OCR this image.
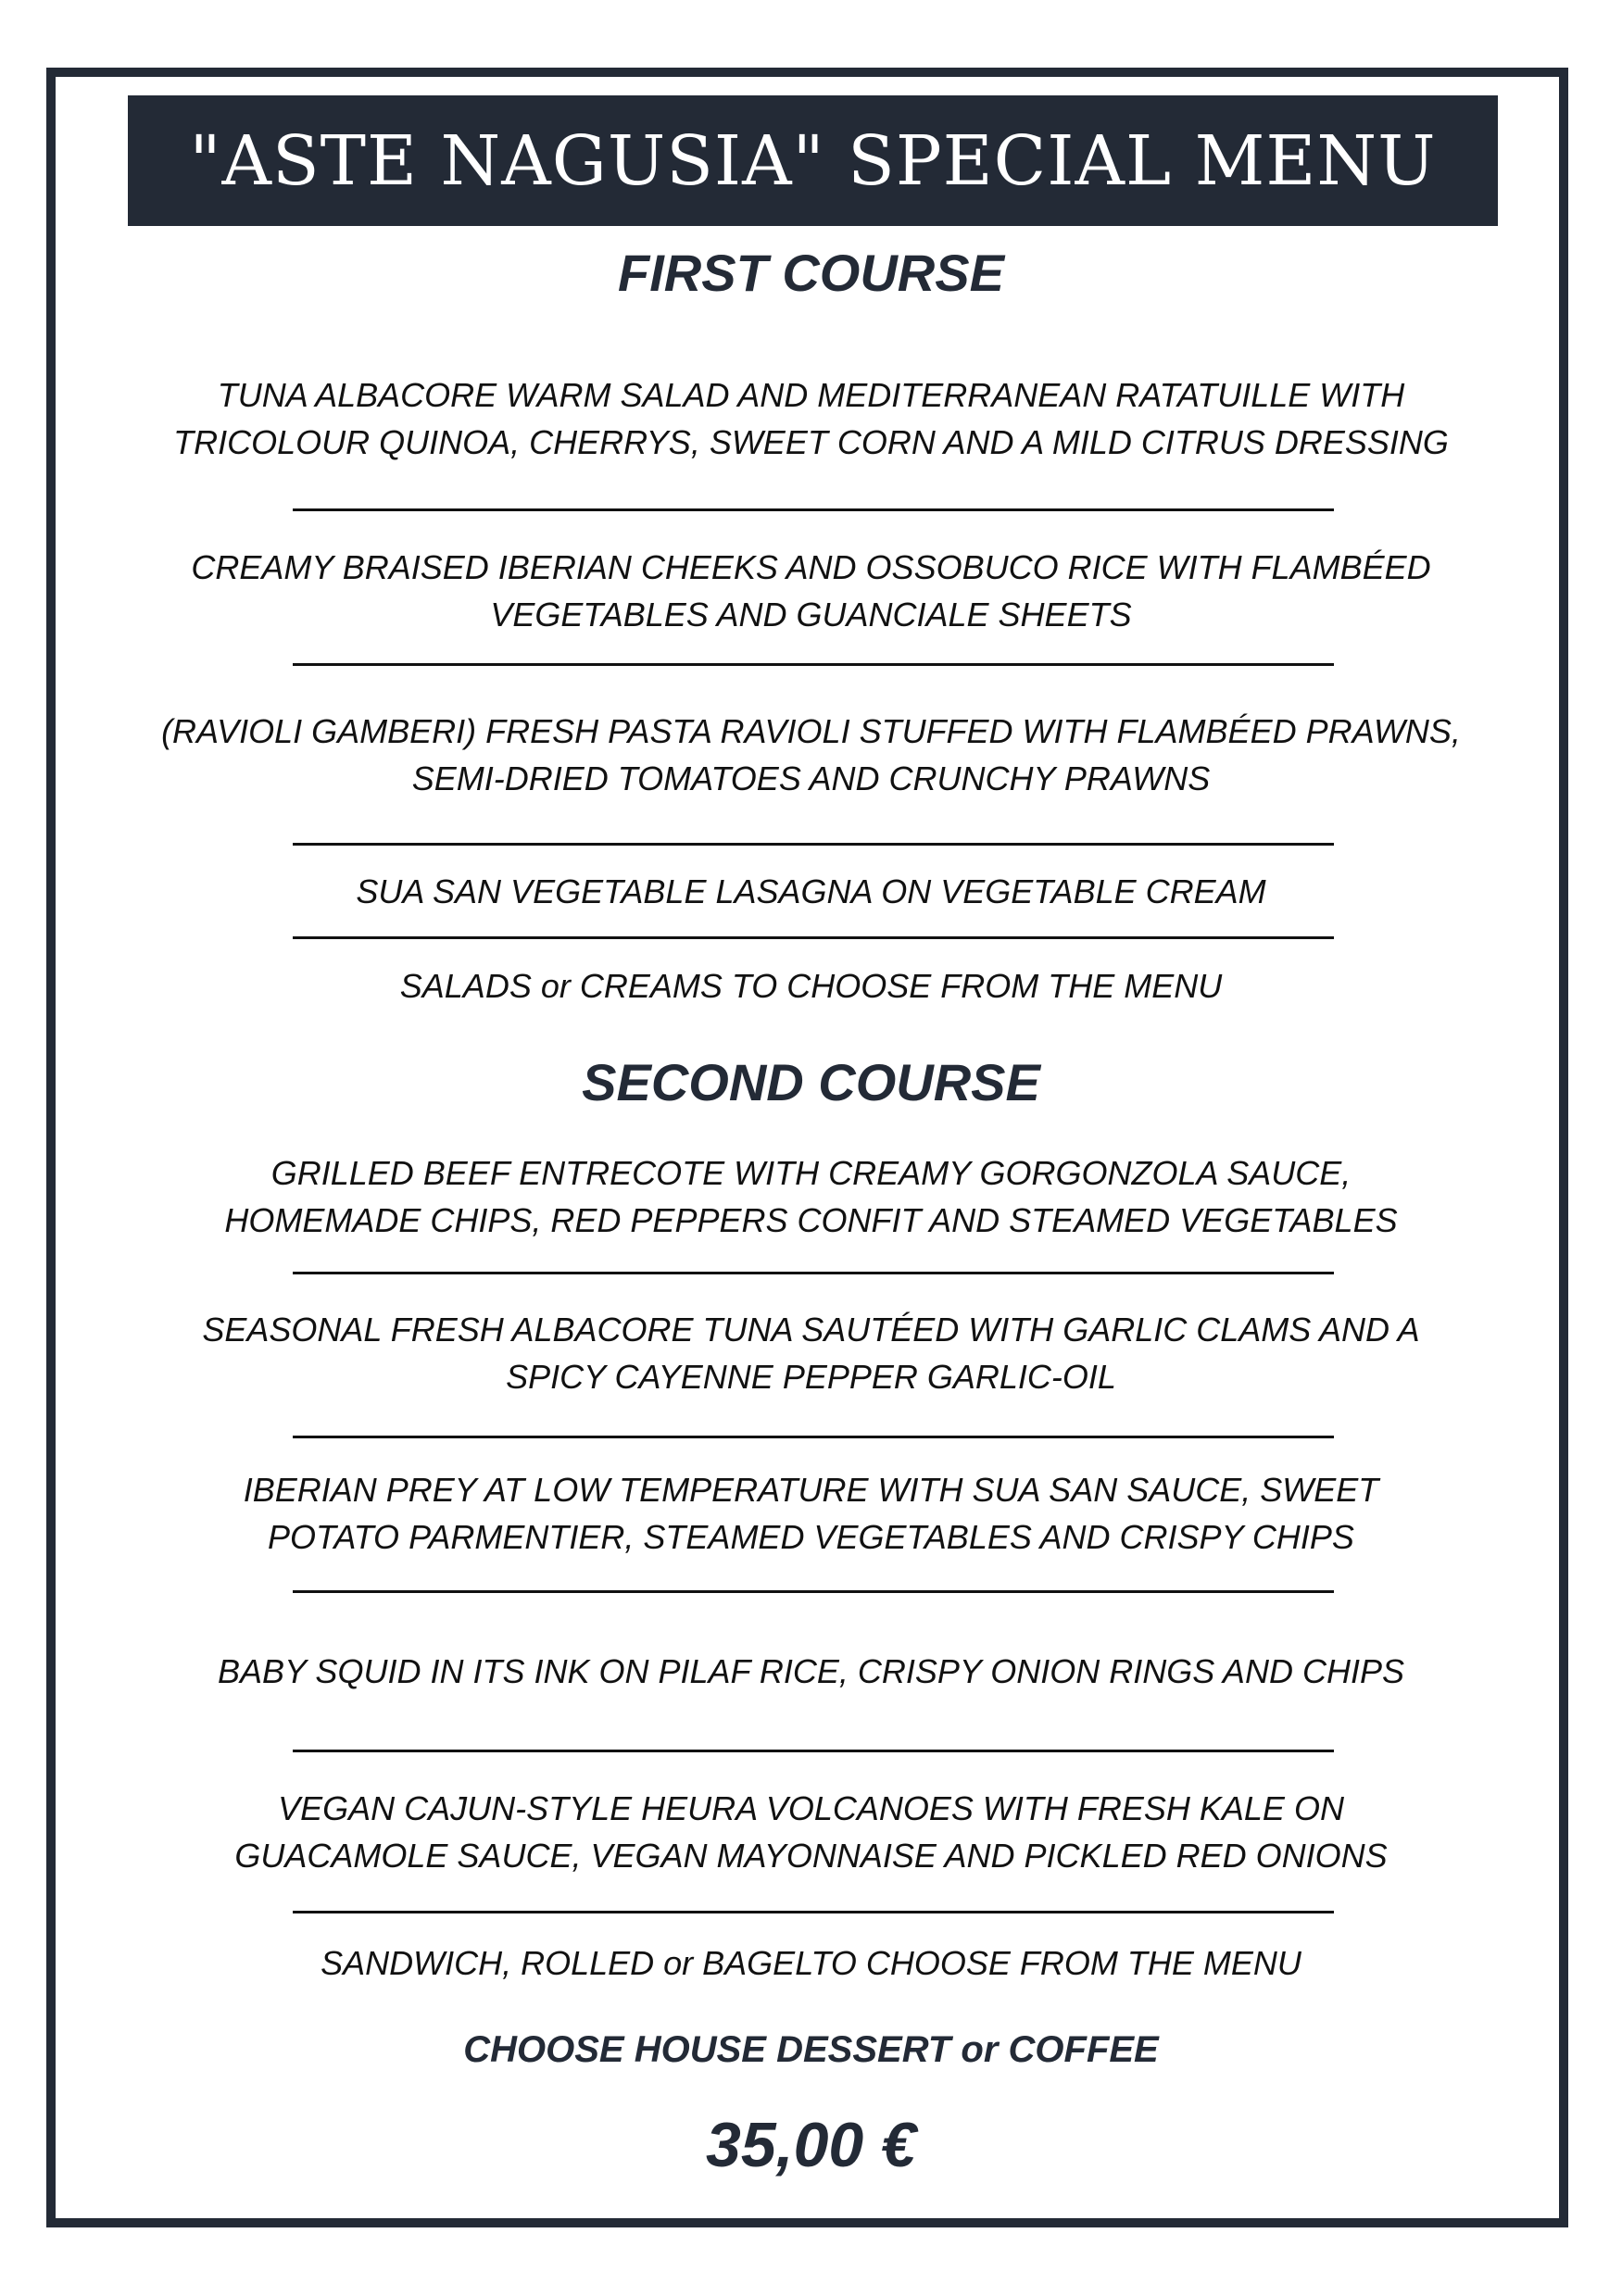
"ASTE NAGUSIA" SPECIAL MENU
FIRST COURSE
TUNA ALBACORE WARM SALAD AND MEDITERRANEAN RATATUILLE WITH
TRICOLOUR QUINOA, CHERRYS, SWEET CORN AND A MILD CITRUS DRESSING
CREAMY BRAISED IBERIAN CHEEKS AND OSSOBUCO RICE WITH FLAMBÉED
VEGETABLES AND GUANCIALE SHEETS
(RAVIOLI GAMBERI) FRESH PASTA RAVIOLI STUFFED WITH FLAMBÉED PRAWNS,
SEMI-DRIED TOMATOES AND CRUNCHY PRAWNS
SUA SAN VEGETABLE LASAGNA ON VEGETABLE CREAM
SALADS or CREAMS TO CHOOSE FROM THE MENU
SECOND COURSE
GRILLED BEEF ENTRECOTE WITH CREAMY GORGONZOLA SAUCE,
HOMEMADE CHIPS, RED PEPPERS CONFIT AND STEAMED VEGETABLES
SEASONAL FRESH ALBACORE TUNA SAUTÉED WITH GARLIC CLAMS AND A
SPICY CAYENNE PEPPER GARLIC-OIL
IBERIAN PREY AT LOW TEMPERATURE WITH SUA SAN SAUCE, SWEET
POTATO PARMENTIER, STEAMED VEGETABLES AND CRISPY CHIPS
BABY SQUID IN ITS INK ON PILAF RICE, CRISPY ONION RINGS AND CHIPS
VEGAN CAJUN-STYLE HEURA VOLCANOES WITH FRESH KALE ON
GUACAMOLE SAUCE, VEGAN MAYONNAISE AND PICKLED RED ONIONS
SANDWICH, ROLLED or BAGELTO CHOOSE FROM THE MENU
CHOOSE HOUSE DESSERT or COFFEE
35,00 €
